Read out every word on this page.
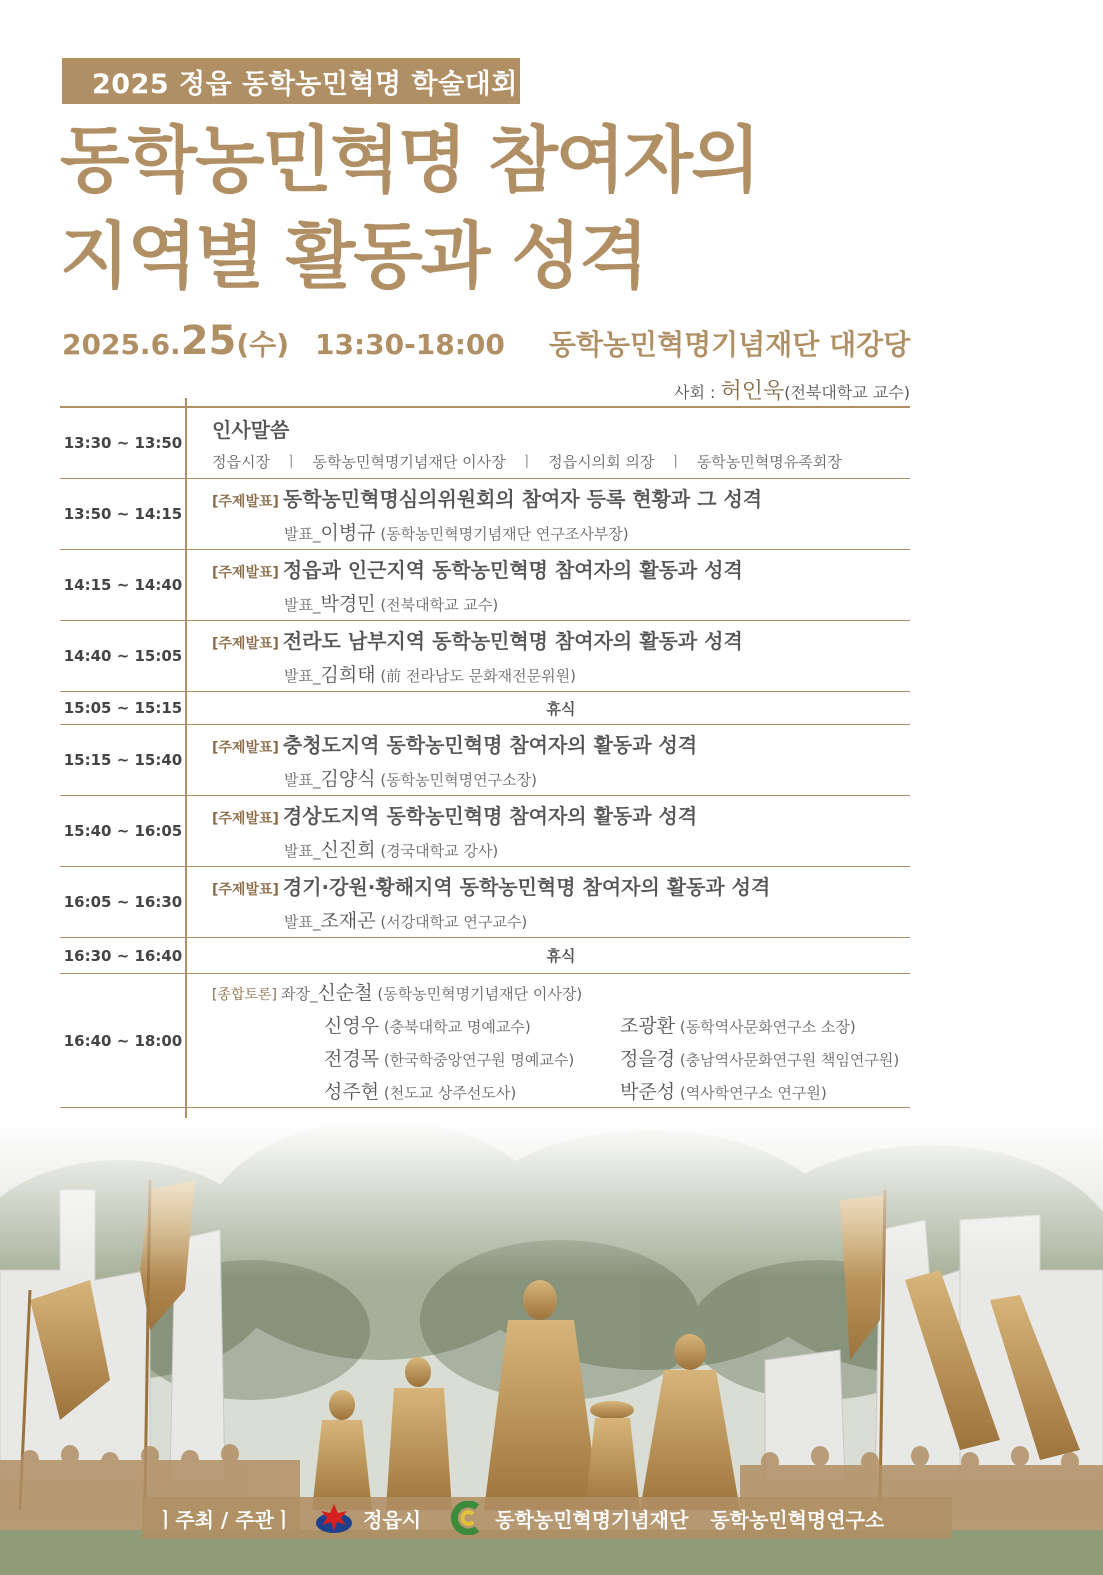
2025 정읍 동학농민혁명 학술대회
동학농민혁명 참여자의
지역별 활동과 성격
2025.6. 25 (수) 13:30-18:00 동학농민혁명기념재단 대강당
사회 : 허인욱(전북대학교 교수)
13:30 ~ 13:50
인사말씀
정읍시장 ㅣ 동학농민혁명기념재단 이사장 ㅣ 정읍시의회 의장 ㅣ 동학농민혁명유족회장
13:50 ~ 14:15
[주제발표] 동학농민혁명심의위원회의 참여자 등록 현황과 그 성격
발표_이병규 (동학농민혁명기념재단 연구조사부장)
14:15 ~ 14:40
[주제발표] 정읍과 인근지역 동학농민혁명 참여자의 활동과 성격
발표_박경민 (전북대학교 교수)
14:40 ~ 15:05
[주제발표] 전라도 남부지역 동학농민혁명 참여자의 활동과 성격
발표_김희태 (前 전라남도 문화재전문위원)
15:05 ~ 15:15	휴식
15:15 ~ 15:40
[주제발표] 충청도지역 동학농민혁명 참여자의 활동과 성격
발표_김양식 (동학농민혁명연구소장)
15:40 ~ 16:05
[주제발표] 경상도지역 동학농민혁명 참여자의 활동과 성격
발표_신진희 (경국대학교 강사)
16:05 ~ 16:30
[주제발표] 경기·강원·황해지역 동학농민혁명 참여자의 활동과 성격
발표_조재곤 (서강대학교 연구교수)
16:30 ~ 16:40	휴식
16:40 ~ 18:00
[종합토론] 좌장_신순철 (동학농민혁명기념재단 이사장)
신영우 (충북대학교 명예교수)	조광환 (동학역사문화연구소 소장)
전경목 (한국학중앙연구원 명예교수)	정을경 (충남역사문화연구원 책임연구원)
성주현 (천도교 상주선도사)	박준성 (역사학연구소 연구원)
ㅣ주최 / 주관ㅣ	정읍시	동학농민혁명기념재단 동학농민혁명연구소
